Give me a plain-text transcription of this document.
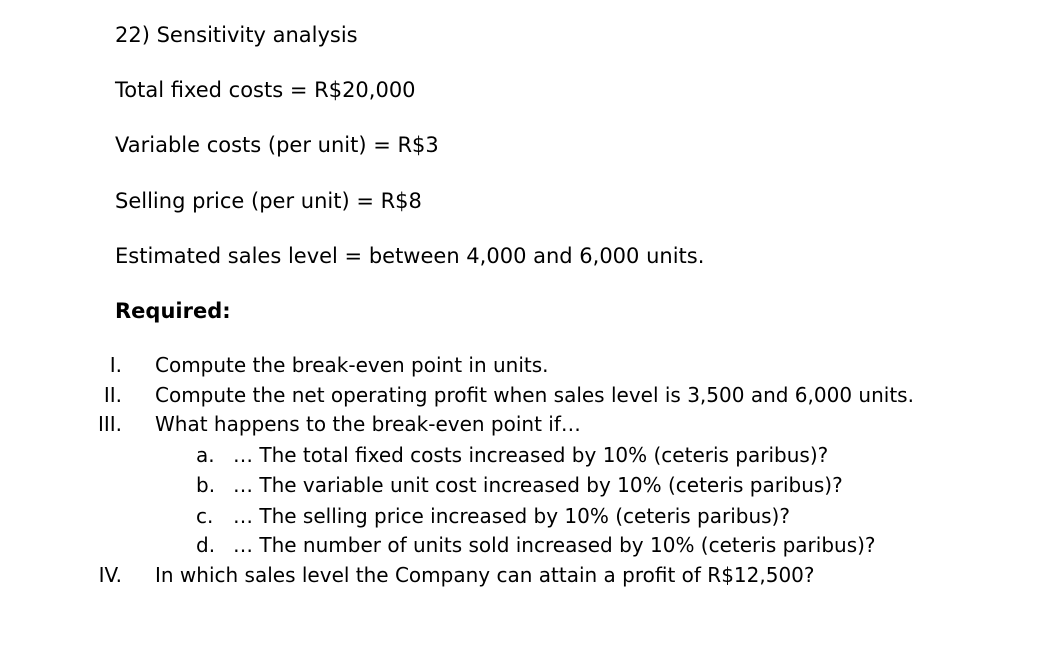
22) Sensitivity analysis
Total fixed costs = R$20,000
Variable costs (per unit) = R$3
Selling price (per unit) = R$8
Estimated sales level = between 4,000 and 6,000 units.
Required:
I. Compute the break-even point in units.
II. Compute the net operating profit when sales level is 3,500 and 6,000 units.
III. What happens to the break-even point if…
a. … The total fixed costs increased by 10% (ceteris paribus)?
b. … The variable unit cost increased by 10% (ceteris paribus)?
c. … The selling price increased by 10% (ceteris paribus)?
d. … The number of units sold increased by 10% (ceteris paribus)?
IV. In which sales level the Company can attain a profit of R$12,500?
